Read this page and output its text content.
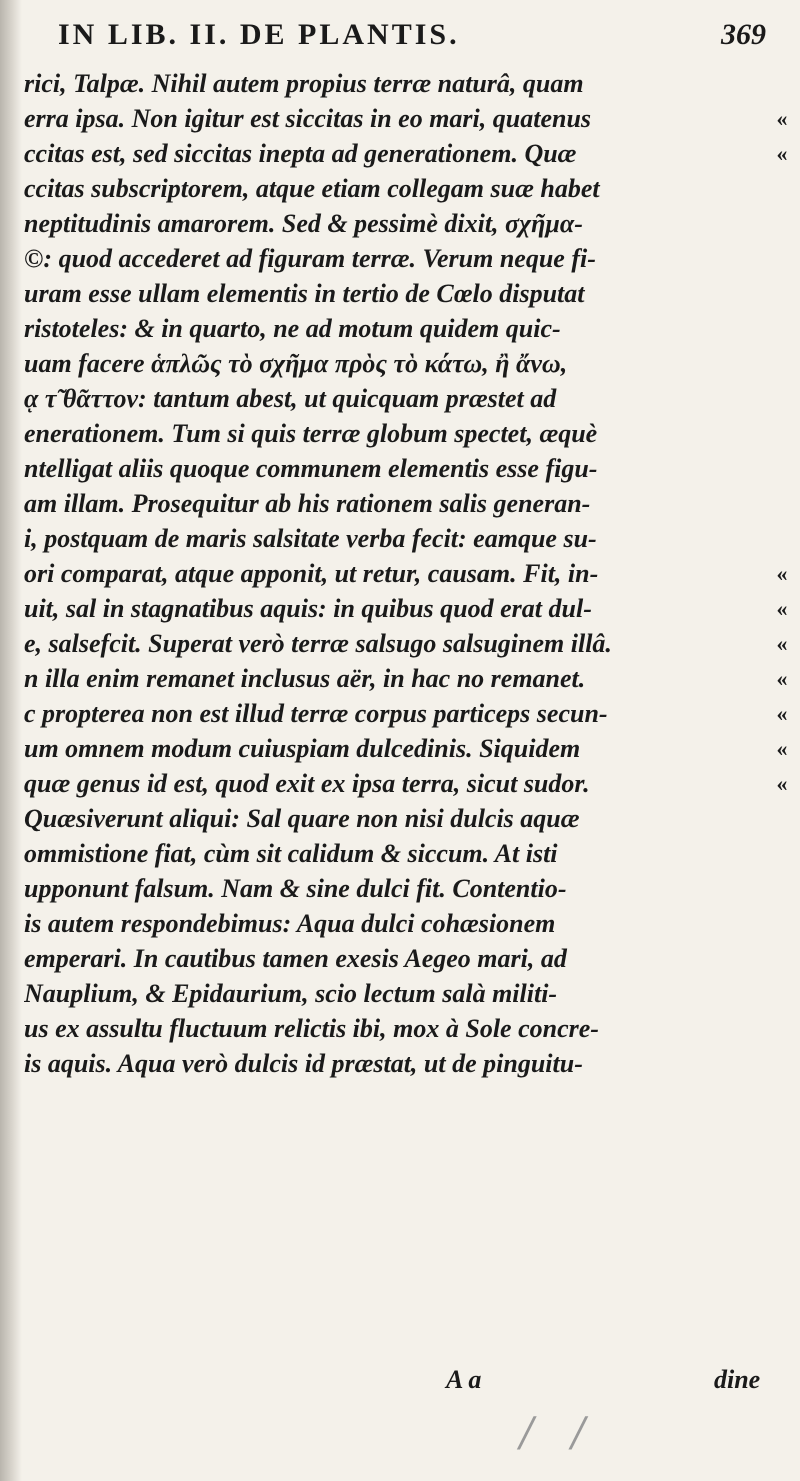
IN LIB. II. DE PLANTIS.	369
rici, Talpæ. Nihil autem propius terræ naturâ, quam
erra ipsa. Non igitur est siccitas in eo mari, quatenus	«
ccitas est, sed siccitas inepta ad generationem. Quæ	«
ccitas subscriptorem, atque etiam collegam suæ habet
neptitudinis amarorem. Sed & pessimè dixit, σχῆμα-
©: quod accederet ad figuram terræ. Verum neque fi-
uram esse ullam elementis in tertio de Cœlo disputat
ristoteles: & in quarto, ne ad motum quidem quic-
uam facere ἁπλῶς τὸ σχῆμα πρὸς τὸ κάτω, ἢ ἄνω,
ᾳ τ̃ θᾶττον: tantum abest, ut quicquam præstet ad
enerationem. Tum si quis terræ globum spectet, æquè
ntelligat aliis quoque communem elementis esse figu-
am illam. Prosequitur ab his rationem salis generan-
i, postquam de maris salsitate verba fecit: eamque su-
ori comparat, atque apponit, ut retur, causam. Fit, in-	«
uit, sal in stagnatibus aquis: in quibus quod erat dul-	«
e, salsefcit. Superat verò terræ salsugo salsuginem illâ.	«
n illa enim remanet inclusus aër, in hac no remanet.	«
c propterea non est illud terræ corpus particeps secun-	«
um omnem modum cuiuspiam dulcedinis. Siquidem	«
quæ genus id est, quod exit ex ipsa terra, sicut sudor.	«
Quæsiverunt aliqui: Sal quare non nisi dulcis aquæ
ommistione fiat, cùm sit calidum & siccum. At isti
upponunt falsum. Nam & sine dulci fit. Contentio-
is autem respondebimus: Aqua dulci cohæsionem
emperari. In cautibus tamen exesis Aegeo mari, ad
Nauplium, & Epidaurium, scio lectum salà militi-
us ex assultu fluctuum relictis ibi, mox à Sole concre-
is aquis. Aqua verò dulcis id præstat, ut de pinguitu-
A a	dine
/   /
